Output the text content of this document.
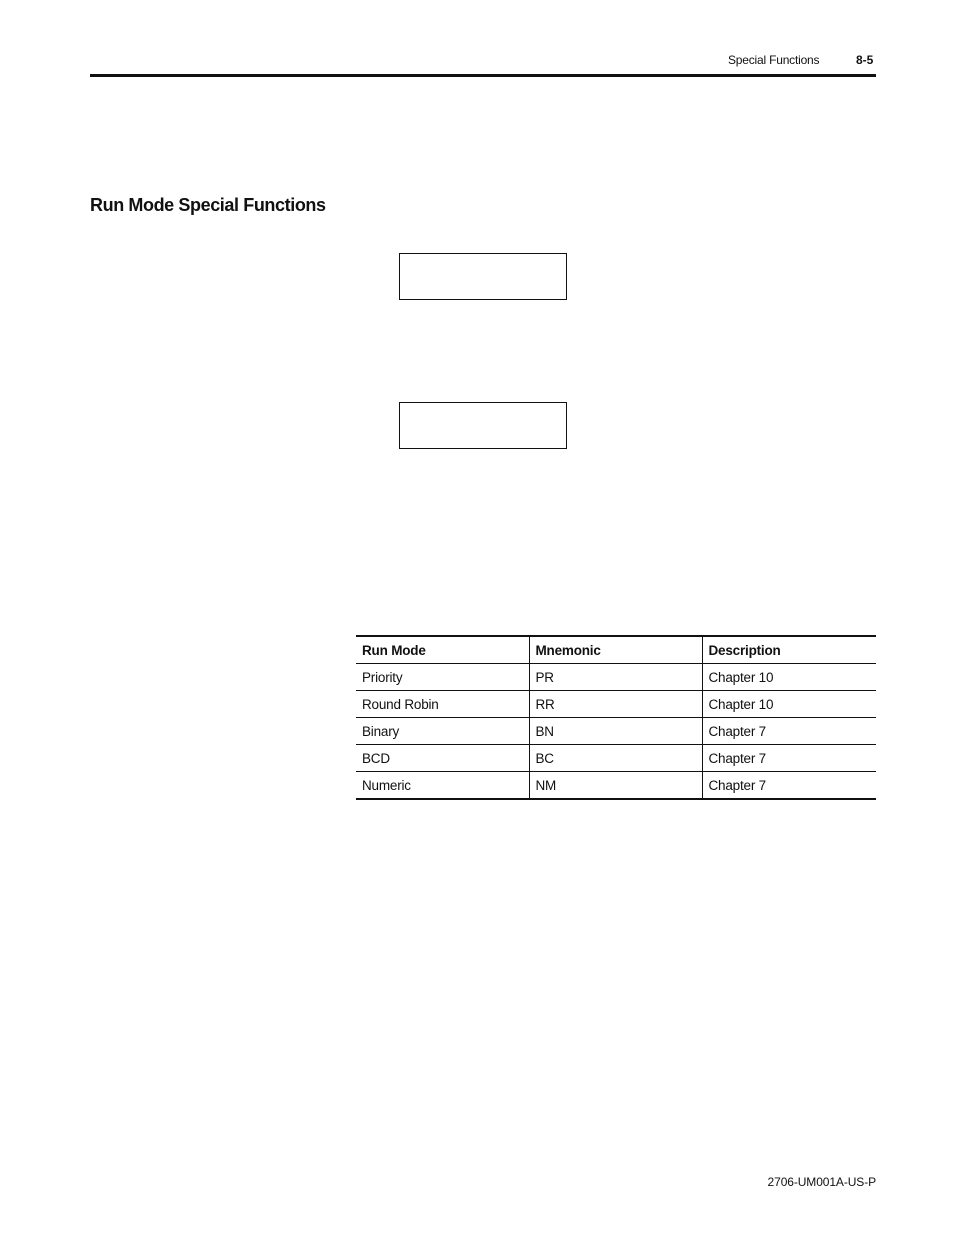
Special Functions	8-5
Run Mode Special Functions
Run Mode	Mnemonic	Description
Priority	PR	Chapter 10
Round Robin	RR	Chapter 10
Binary	BN	Chapter 7
BCD	BC	Chapter 7
Numeric	NM	Chapter 7
2706-UM001A-US-P
